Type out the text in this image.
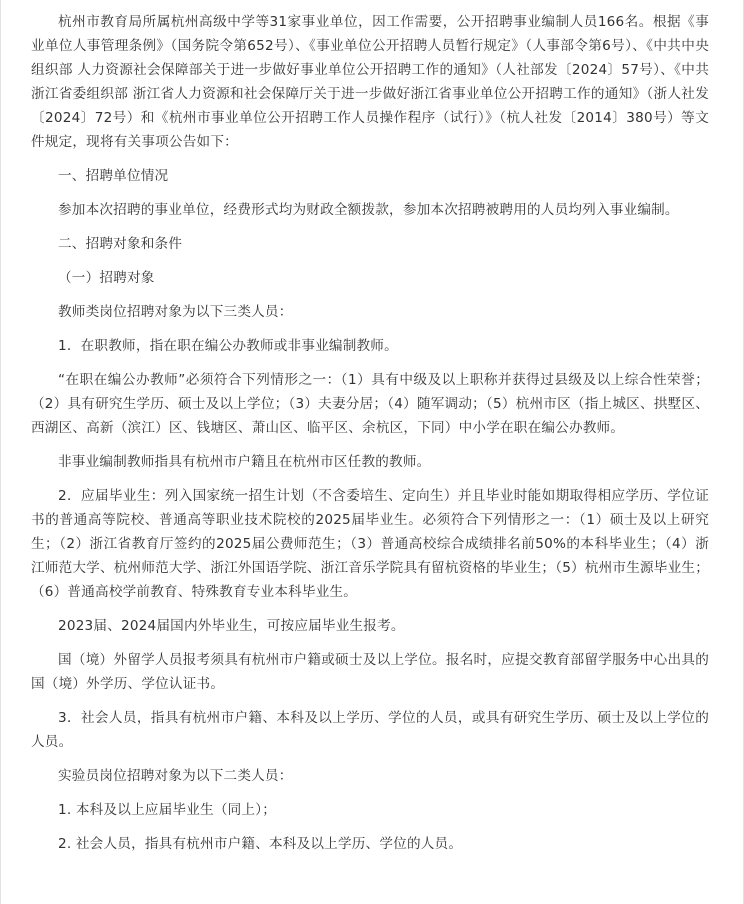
杭州市教育局所属杭州高级中学等31家事业单位，因工作需要，公开招聘事业编制人员166名。根据《事业单位人事管理条例》（国务院令第652号）、《事业单位公开招聘人员暂行规定》（人事部令第6号）、《中共中央组织部 人力资源社会保障部关于进一步做好事业单位公开招聘工作的通知》（人社部发〔2024〕57号）、《中共浙江省委组织部 浙江省人力资源和社会保障厅关于进一步做好浙江省事业单位公开招聘工作的通知》（浙人社发〔2024〕72号）和《杭州市事业单位公开招聘工作人员操作程序（试行）》（杭人社发〔2014〕380号）等文件规定，现将有关事项公告如下：

一、招聘单位情况

参加本次招聘的事业单位，经费形式均为财政全额拨款，参加本次招聘被聘用的人员均列入事业编制。

二、招聘对象和条件

（一）招聘对象

教师类岗位招聘对象为以下三类人员：

1．在职教师，指在职在编公办教师或非事业编制教师。

“在职在编公办教师”必须符合下列情形之一：（1）具有中级及以上职称并获得过县级及以上综合性荣誉；（2）具有研究生学历、硕士及以上学位；（3）夫妻分居；（4）随军调动；（5）杭州市区（指上城区、拱墅区、西湖区、高新（滨江）区、钱塘区、萧山区、临平区、余杭区，下同）中小学在职在编公办教师。

非事业编制教师指具有杭州市户籍且在杭州市区任教的教师。

2．应届毕业生：列入国家统一招生计划（不含委培生、定向生）并且毕业时能如期取得相应学历、学位证书的普通高等院校、普通高等职业技术院校的2025届毕业生。必须符合下列情形之一：（1）硕士及以上研究生；（2）浙江省教育厅签约的2025届公费师范生；（3）普通高校综合成绩排名前50%的本科毕业生；（4）浙江师范大学、杭州师范大学、浙江外国语学院、浙江音乐学院具有留杭资格的毕业生；（5）杭州市生源毕业生；（6）普通高校学前教育、特殊教育专业本科毕业生。

2023届、2024届国内外毕业生，可按应届毕业生报考。

国（境）外留学人员报考须具有杭州市户籍或硕士及以上学位。报名时，应提交教育部留学服务中心出具的国（境）外学历、学位认证书。

3．社会人员，指具有杭州市户籍、本科及以上学历、学位的人员，或具有研究生学历、硕士及以上学位的人员。

实验员岗位招聘对象为以下二类人员：

1. 本科及以上应届毕业生（同上）；

2. 社会人员，指具有杭州市户籍、本科及以上学历、学位的人员。
